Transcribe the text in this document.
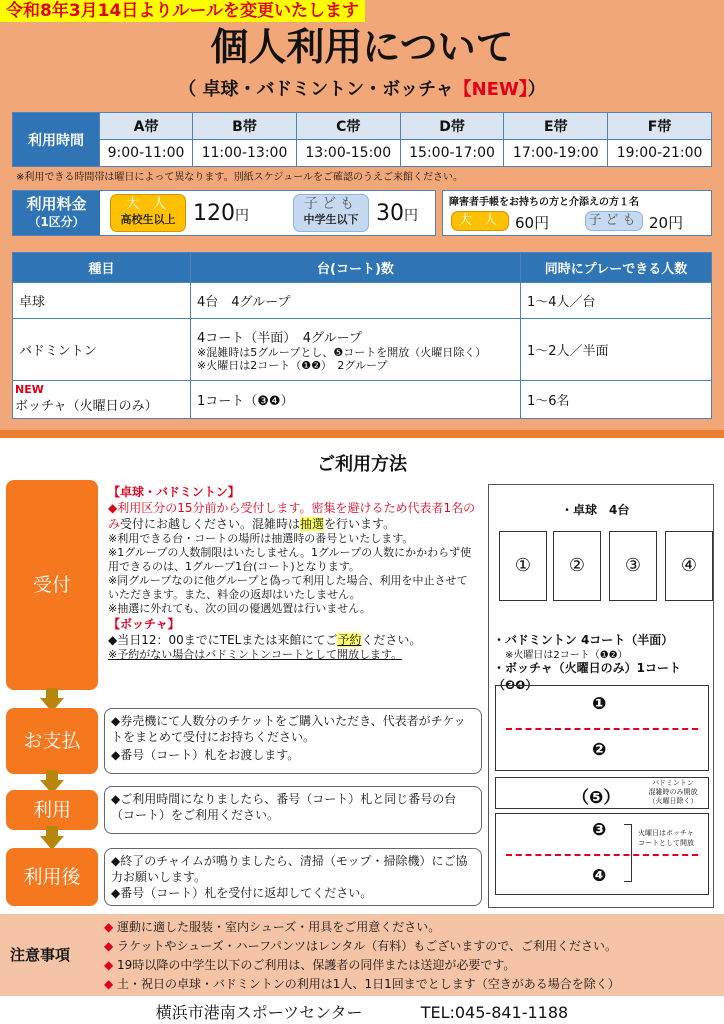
令和8年3月14日よりルールを変更いたします
個人利用について
（ 卓球・バドミントン・ボッチャ【NEW】）
利用時間	A帯	B帯	C帯	D帯	E帯	F帯
	9:00-11:00	11:00-13:00	13:00-15:00	15:00-17:00	17:00-19:00	19:00-21:00
※利用できる時間帯は曜日によって異なります。別紙スケジュールをご確認のうえご来館ください。
利用料金
（1区分）
大 人
高校生以上 120円
子ども
中学生以下 30円
障害者手帳をお持ちの方と介添えの方１名
大 人 60円	子ども 20円
種目	台(コート)数	同時にプレーできる人数
卓球	4台　4グループ	1～4人／台
バドミントン	4コート（半面）　4グループ
※混雑時は5グループとし、❺コートを開放（火曜日除く）
※火曜日は2コート（❶❷）　2グループ	1～2人／半面

NEW
ボッチャ（火曜日のみ）	1コート（❸❹）	1～6名
ご利用方法
受付
お支払
利用
利用後
【卓球・バドミントン】
◆利用区分の15分前から受付します。密集を避けるため代表者1名のみ受付にお越しください。混雑時は抽選を行います。
※利用できる台・コートの場所は抽選時の番号といたします。
※1グループの人数制限はいたしません。1グループの人数にかかわらず使用できるのは、1グループ1台(コート)となります。
※同グループなのに他グループと偽って利用した場合、利用を中止させていただきます。また、料金の返却はいたしません。
※抽選に外れても、次の回の優遇処置は行いません。
【ボッチャ】
◆当日12：00までにTELまたは来館にてご予約ください。
※予約がない場合はバドミントンコートとして開放します。
◆券売機にて人数分のチケットをご購入いただき、代表者がチケットをまとめて受付にお持ちください。
◆番号（コート）札をお渡します。
◆ご利用時間になりましたら、番号（コート）札と同じ番号の台（コート）をご利用ください。
◆終了のチャイムが鳴りましたら、清掃（モップ・掃除機）にご協力お願いします。
◆番号（コート）札を受付に返却してください。
・卓球　4台
①	②	③	④
・バドミントン 4コート（半面）
※火曜日は2コート（❶❷）
・ボッチャ（火曜日のみ）1コート（❸❹）
❶
❷
（❺）
バドミントン
混雑時のみ開放
（火曜日除く）
❸
❹
火曜日はボッチャ
コートとして開放
注意事項
◆ 運動に適した服装・室内シューズ・用具をご用意ください。
◆ ラケットやシューズ・ハーフパンツはレンタル（有料）もございますので、ご利用ください。
◆ 19時以降の中学生以下のご利用は、保護者の同伴または送迎が必要です。
◆ 土・祝日の卓球・バドミントンの利用は1人、1日1回までとします（空きがある場合を除く）
横浜市港南スポーツセンター	TEL:045-841-1188
